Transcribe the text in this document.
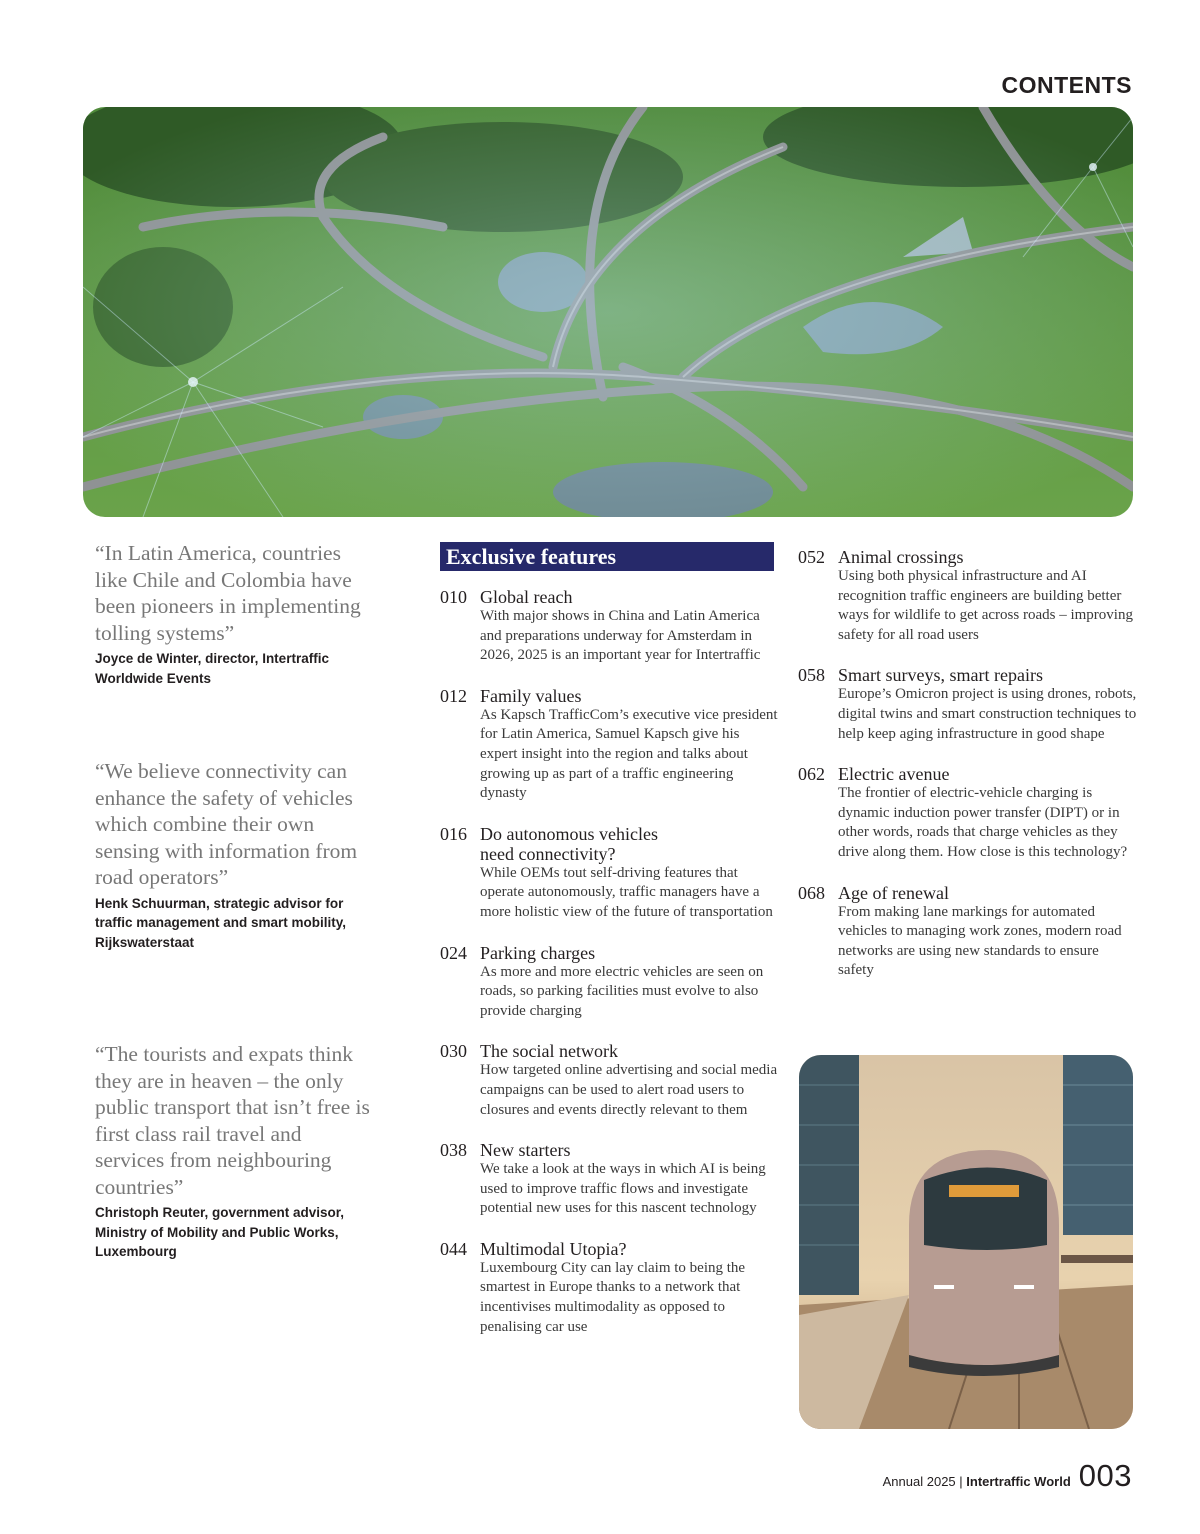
CONTENTS
“In Latin America, countries like Chile and Colombia have been pioneers in implementing tolling systems”
Joyce de Winter, director, Intertraffic Worldwide Events
“We believe connectivity can enhance the safety of vehicles which combine their own sensing with information from road operators”
Henk Schuurman, strategic advisor for traffic management and smart mobility, Rijkswaterstaat
“The tourists and expats think they are in heaven – the only public transport that isn’t free is first class rail travel and services from neighbouring countries”
Christoph Reuter, government advisor, Ministry of Mobility and Public Works, Luxembourg
Exclusive features
010 Global reach
With major shows in China and Latin America and preparations underway for Amsterdam in 2026, 2025 is an important year for Intertraffic
012 Family values
As Kapsch TrafficCom’s executive vice president for Latin America, Samuel Kapsch give his expert insight into the region and talks about growing up as part of a traffic engineering dynasty
016 Do autonomous vehicles need connectivity?
While OEMs tout self-driving features that operate autonomously, traffic managers have a more holistic view of the future of transportation
024 Parking charges
As more and more electric vehicles are seen on roads, so parking facilities must evolve to also provide charging
030 The social network
How targeted online advertising and social media campaigns can be used to alert road users to closures and events directly relevant to them
038 New starters
We take a look at the ways in which AI is being used to improve traffic flows and investigate potential new uses for this nascent technology
044 Multimodal Utopia?
Luxembourg City can lay claim to being the smartest in Europe thanks to a network that incentivises multimodality as opposed to penalising car use
052 Animal crossings
Using both physical infrastructure and AI recognition traffic engineers are building better ways for wildlife to get across roads – improving safety for all road users
058 Smart surveys, smart repairs
Europe’s Omicron project is using drones, robots, digital twins and smart construction techniques to help keep aging infrastructure in good shape
062 Electric avenue
The frontier of electric-vehicle charging is dynamic induction power transfer (DIPT) or in other words, roads that charge vehicles as they drive along them. How close is this technology?
068 Age of renewal
From making lane markings for automated vehicles to managing work zones, modern road networks are using new standards to ensure safety
Annual 2025 | Intertraffic World 003
